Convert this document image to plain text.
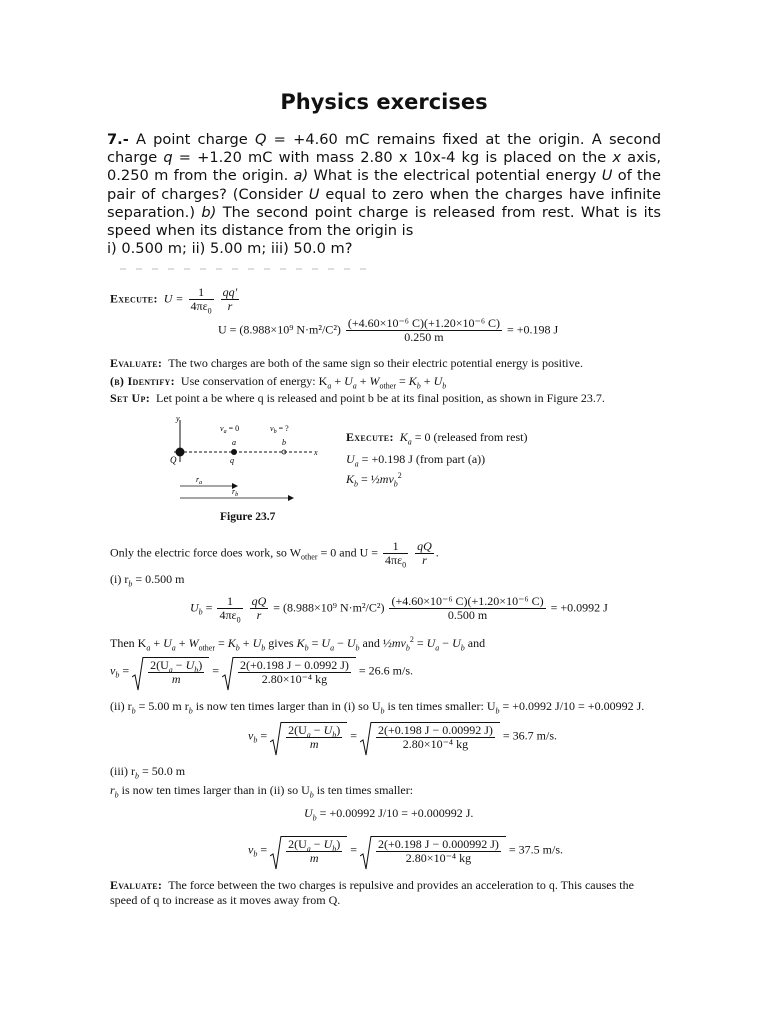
Physics exercises
7.- A point charge Q = +4.60 mC remains fixed at the origin. A second charge q = +1.20 mC with mass 2.80 x 10x-4 kg is placed on the x axis, 0.250 m from the origin. a) What is the electrical potential energy U of the pair of charges? (Consider U equal to zero when the charges have infinite separation.) b) The second point charge is released from rest. What is its speed when its distance from the origin is
i) 0.500 m; ii) 5.00 m; iii) 50.0 m?
Execute: $U = \frac{1}{4\pi\varepsilon_0}$
$\frac{qq'}{r}$
U = (8.988×10⁹ $N\cdot m^2/C^2) \frac{\text{(+4.60×10⁻⁶ C)(+1.20×10⁻⁶ C)}}{0.250 m} = +0.198$ J
Evaluate: The two charges are both of the same sign so their electric potential energy is positive.
(b) Identify: Use conservation of energy: $K_a + U_a + W_{other} = K_b + U_b$
Set Up: Let point a be where q is released and point b be at its final position, as shown in Figure 23.7.
y
x
Q	q
a	b
$v_a = 0$	$v_b$ = ?
$r_a$
$r_b$
Figure 23.7
Execute: $K_a = 0$ (released from rest)
$U_a = +0.198$ J (from part (a))
$K_b$ = $\frac{1}{2}mv_b^2$
Only the electric force does work, so $W_{other} = 0$ and $U = \frac{1}{4\pi\varepsilon_0}$
$\frac{qQ}{r}$ .
(i) $r_b = 0.500$ m
$U_b = \frac{1}{4\pi\varepsilon_0}$
$\frac{qQ}{r} = (8.988\times 10^9$ $N\cdot m^2/C^2) \frac{\text{(+4.60×10⁻⁶ C)(+1.20×10⁻⁶ C)}}{0.500 m} = +0.0992$ J
Then $K_a + U_a + W_{other} = K_b + U_b$ gives $K_b = U_a - U_b$ and $\frac{1}{2}mv_b^2 = U_a - U_b$ and
$v_b = \frac{2(U_a - U_b)}{m} = \frac{2(+0.198 J - 0.0992 J)}{\text{2.80×10⁻⁴ kg}} = 26.6$ m/s.
(ii) $r_b = 5.00$ m $r_b$ is now ten times larger than in (i) so $U_b$ is ten times smaller: $U_b = +0.0992$ J/10 = +0.00992 J.
$v_b = \frac{2(U_a - U_b)}{m} = \frac{2(+0.198 J - 0.00992 J)}{\text{2.80×10⁻⁴ kg}} = 36.7$ m/s.
(iii) $r_b = 50.0$ m
$r_b$ is now ten times larger than in (ii) so $U_b$ is ten times smaller:
$U_b = +0.00992$ J/10 = +0.000992 J.
$v_b = \frac{2(U_a - U_b)}{m} = \frac{2(+0.198 J - 0.000992 J)}{\text{2.80×10⁻⁴ kg}} = 37.5$ m/s.
Evaluate: The force between the two charges is repulsive and provides an acceleration to q. This causes the
speed of q to increase as it moves away from Q.
